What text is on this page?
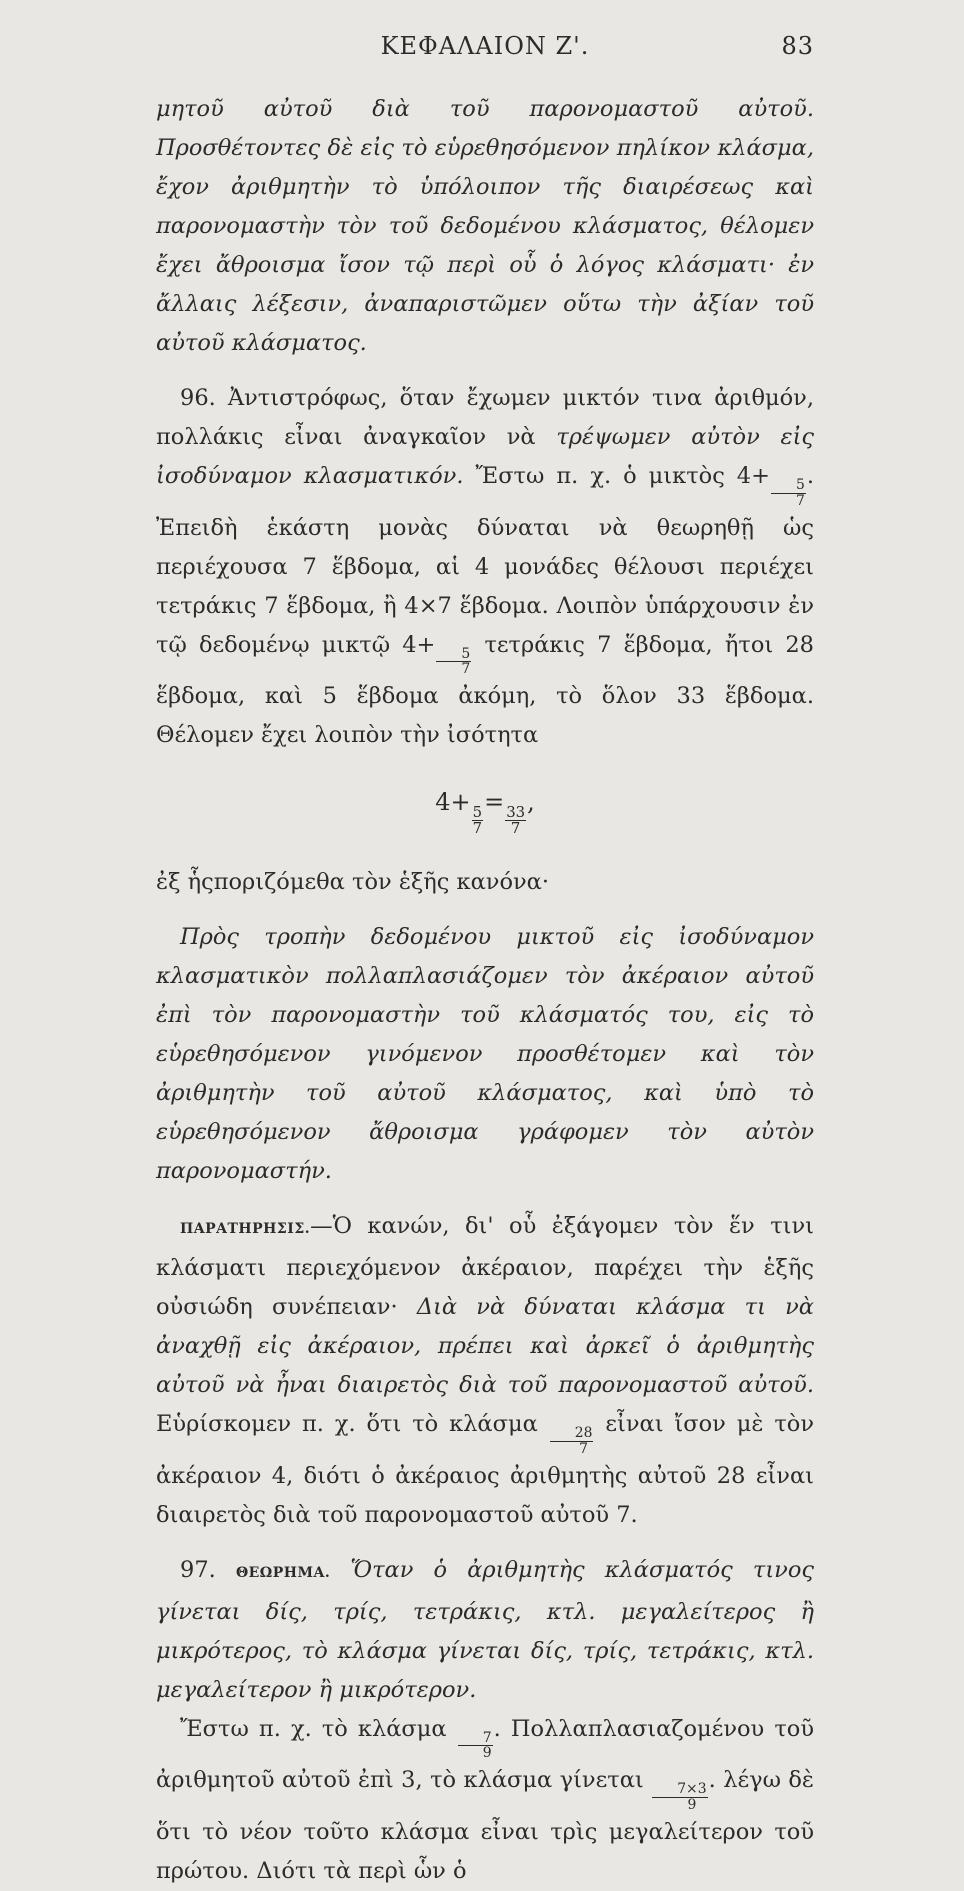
ΚΕΦΑΛΑΙΟΝ Ζ'.	83

μητοῦ αὐτοῦ διὰ τοῦ παρονομαστοῦ αὐτοῦ. Προσθέτοντες δὲ εἰς τὸ εὑρεθησόμενον πηλίκον κλάσμα, ἔχον ἀριθμητὴν τὸ ὑπόλοιπον τῆς διαιρέσεως καὶ παρονομαστὴν τὸν τοῦ δεδομένου κλάσματος, θέλομεν ἔχει ἄθροισμα ἴσον τῷ περὶ οὗ ὁ λόγος κλάσματι· ἐν ἄλλαις λέξεσιν, ἀναπαριστῶμεν οὕτω τὴν ἀξίαν τοῦ αὐτοῦ κλάσματος.

96. Ἀντιστρόφως, ὅταν ἔχωμεν μικτόν τινα ἀριθμόν, πολλάκις εἶναι ἀναγκαῖον νὰ τρέψωμεν αὐτὸν εἰς ἰσοδύναμον κλασματικόν. Ἔστω π. χ. ὁ μικτὸς 4+
$\frac{5}{7}$
. Ἐπειδὴ ἑκάστη μονὰς δύναται νὰ θεωρηθῇ ὡς περιέχουσα 7 ἕβδομα, αἱ 4 μονάδες θέλουσι περιέχει τετράκις 7 ἕβδομα, ἢ 4×7 ἕβδομα. Λοιπὸν ὑπάρχουσιν ἐν τῷ δεδομένῳ μικτῷ 4+
$\frac{5}{7}$
τετράκις 7 ἕβδομα, ἤτοι 28 ἕβδομα, καὶ 5 ἕβδομα ἀκόμη, τὸ ὅλον 33 ἕβδομα. Θέλομεν ἔχει λοιπὸν τὴν ἰσότητα

4+
$\frac{5}{7}$
=
$\frac{33}{7}$
,

ἐξ ἧςποριζόμεθα τὸν ἑξῆς κανόνα·

Πρὸς τροπὴν δεδομένου μικτοῦ εἰς ἰσοδύναμον κλασματικὸν πολλαπλασιάζομεν τὸν ἀκέραιον αὐτοῦ ἐπὶ τὸν παρονομαστὴν τοῦ κλάσματός του, εἰς τὸ εὑρεθησόμενον γινόμενον προσθέτομεν καὶ τὸν ἀριθμητὴν τοῦ αὐτοῦ κλάσματος, καὶ ὑπὸ τὸ εὑρεθησόμενον ἄθροισμα γράφομεν τὸν αὐτὸν παρονομαστήν.

ΠΑΡΑΤΗΡΗΣΙΣ.—Ὁ κανών, δι' οὗ ἐξάγομεν τὸν ἕν τινι κλάσματι περιεχόμενον ἀκέραιον, παρέχει τὴν ἑξῆς οὐσιώδη συνέπειαν· Διὰ νὰ δύναται κλάσμα τι νὰ ἀναχθῇ εἰς ἀκέραιον, πρέπει καὶ ἀρκεῖ ὁ ἀριθμητὴς αὐτοῦ νὰ ἦναι διαιρετὸς διὰ τοῦ παρονομαστοῦ αὐτοῦ. Εὑρίσκομεν π. χ. ὅτι τὸ κλάσμα
$\frac{28}{7}$
εἶναι ἴσον μὲ τὸν ἀκέραιον 4, διότι ὁ ἀκέραιος ἀριθμητὴς αὐτοῦ 28 εἶναι διαιρετὸς διὰ τοῦ παρονομαστοῦ αὐτοῦ 7.

97. ΘΕΩΡΗΜΑ. Ὅταν ὁ ἀριθμητὴς κλάσματός τινος γίνεται δίς, τρίς, τετράκις, κτλ. μεγαλείτερος ἢ μικρότερος, τὸ κλάσμα γίνεται δίς, τρίς, τετράκις, κτλ. μεγαλείτερον ἢ μικρότερον.

Ἔστω π. χ. τὸ κλάσμα
$\frac{7}{9}$
. Πολλαπλασιαζομένου τοῦ ἀριθμητοῦ αὐτοῦ ἐπὶ 3, τὸ κλάσμα γίνεται
$\frac{7\times 3}{9}$
. λέγω δὲ ὅτι τὸ νέον τοῦτο κλάσμα εἶναι τρὶς μεγαλείτερον τοῦ πρώτου. Διότι τὰ περὶ ὧν ὁ
